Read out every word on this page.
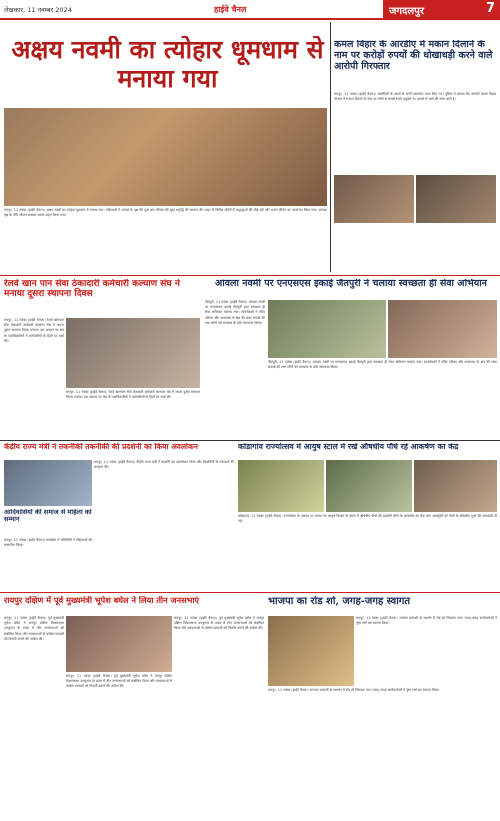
लेखकार, 11 नवम्बर 2024	हाईवे चैनल	जगदलपुर	7
अक्षय नवमी का त्योहार धूमधाम से मनाया गया
रायपुर, 11 नवंबर (हाईवे चैनल)। अक्षय नवमी का त्योहार धूमधाम से मनाया गया। महिलाओं ने आंवले के वृक्ष की पूजा कर परिवार की सुख समृद्धि की कामना की। शहर के विभिन्न मंदिरों में श्रद्धालुओं की भीड़ रही और भजन कीर्तन का आयोजन किया गया। आंवला वृक्ष के नीचे भोजन बनाकर प्रसाद ग्रहण किया गया।
कमल विहार के आरडीए में मकान दिलाने के नाम पर करोड़ों रुपयों की धोखाधड़ी करने वाले आरोपी गिरफ्तार
रायपुर, 11 नवंबर (हाईवे चैनल)। आरोपियों के कब्जे से फर्जी दस्तावेज जब्त किए गए। पुलिस ने बताया कि आरोपी कमल विहार योजना में मकान दिलाने के नाम पर लोगों से लाखों रुपये वसूलते थे। मामले में आगे की जांच जारी है।
रेलवे खान पान सेवा ठेकादारी कर्मचारी कल्याण संघ ने मनाया दूसरा स्थापना दिवस
रायपुर, 11 नवंबर (हाईवे चैनल)। रेलवे खानपान सेवा ठेकादारी कर्मचारी कल्याण संघ ने अपना दूसरा स्थापना दिवस मनाया। इस अवसर पर संघ के पदाधिकारियों ने कर्मचारियों के हितों पर चर्चा की।
रायपुर, 11 नवंबर (हाईवे चैनल)। रेलवे खानपान सेवा ठेकादारी कर्मचारी कल्याण संघ ने अपना दूसरा स्थापना दिवस मनाया। इस अवसर पर संघ के पदाधिकारियों ने कर्मचारियों के हितों पर चर्चा की।
आंवला नवमी पर एनएसएस इकाई जैतपुरी ने चलाया स्वच्छता ही सेवा अभियान
जैतपुरी, 11 नवंबर (हाईवे चैनल)। आंवला नवमी पर एनएसएस इकाई जैतपुरी द्वारा स्वच्छता ही सेवा अभियान चलाया गया। स्वयंसेवकों ने मंदिर परिसर और आसपास के क्षेत्र की साफ सफाई की तथा लोगों को स्वच्छता के प्रति जागरूक किया।
जैतपुरी, 11 नवंबर (हाईवे चैनल)। आंवला नवमी पर एनएसएस इकाई जैतपुरी द्वारा स्वच्छता ही सेवा अभियान चलाया गया। स्वयंसेवकों ने मंदिर परिसर और आसपास के क्षेत्र की साफ सफाई की तथा लोगों को स्वच्छता के प्रति जागरूक किया।
केंद्रीय राज्य मंत्री ने तकनीकी तकनीकी की प्रदर्शनी का किया अवलोकन
रायपुर, 11 नवंबर (हाईवे चैनल)। केंद्रीय राज्य मंत्री ने प्रदर्शनी का अवलोकन किया और विद्यार्थियों के नवाचारों की सराहना की।
आदिवासियों की समाज से महिला को सम्मान
रायपुर, 11 नवंबर (हाईवे चैनल)। कार्यक्रम में अतिथियों ने महिलाओं को सम्मानित किया।
कोंडागांव राज्योत्सव में आयुष स्टाल में रखे औषधीय पौधे रहे आकर्षण का केंद्र
कोंडागांव, 11 नवंबर (हाईवे चैनल)। राज्योत्सव के अवसर पर लगाए गए आयुष विभाग के स्टाल में औषधीय पौधों की प्रदर्शनी लोगों के आकर्षण का केंद्र रही। आगंतुकों को पौधों के औषधीय गुणों की जानकारी दी गई।
रायपुर दक्षिण में पूर्व मुख्यमंत्री भूपेश बघेल ने लिया तीन जनसभाएं
रायपुर, 11 नवंबर (हाईवे चैनल)। पूर्व मुख्यमंत्री भूपेश बघेल ने रायपुर दक्षिण विधानसभा उपचुनाव के प्रचार में तीन जनसभाओं को संबोधित किया और मतदाताओं से कांग्रेस प्रत्याशी को विजयी बनाने की अपील की।
रायपुर, 11 नवंबर (हाईवे चैनल)। पूर्व मुख्यमंत्री भूपेश बघेल ने रायपुर दक्षिण विधानसभा उपचुनाव के प्रचार में तीन जनसभाओं को संबोधित किया और मतदाताओं से कांग्रेस प्रत्याशी को विजयी बनाने की अपील की।
रायपुर, 11 नवंबर (हाईवे चैनल)। पूर्व मुख्यमंत्री भूपेश बघेल ने रायपुर दक्षिण विधानसभा उपचुनाव के प्रचार में तीन जनसभाओं को संबोधित किया और मतदाताओं से कांग्रेस प्रत्याशी को विजयी बनाने की अपील की।
भाजपा का रोड शो, जगह-जगह स्वागत
रायपुर, 11 नवंबर (हाईवे चैनल)। भाजपा प्रत्याशी के समर्थन में रोड शो निकाला गया। जगह-जगह कार्यकर्ताओं ने पुष्प वर्षा कर स्वागत किया।
रायपुर, 11 नवंबर (हाईवे चैनल)। भाजपा प्रत्याशी के समर्थन में रोड शो निकाला गया। जगह-जगह कार्यकर्ताओं ने पुष्प वर्षा कर स्वागत किया।
